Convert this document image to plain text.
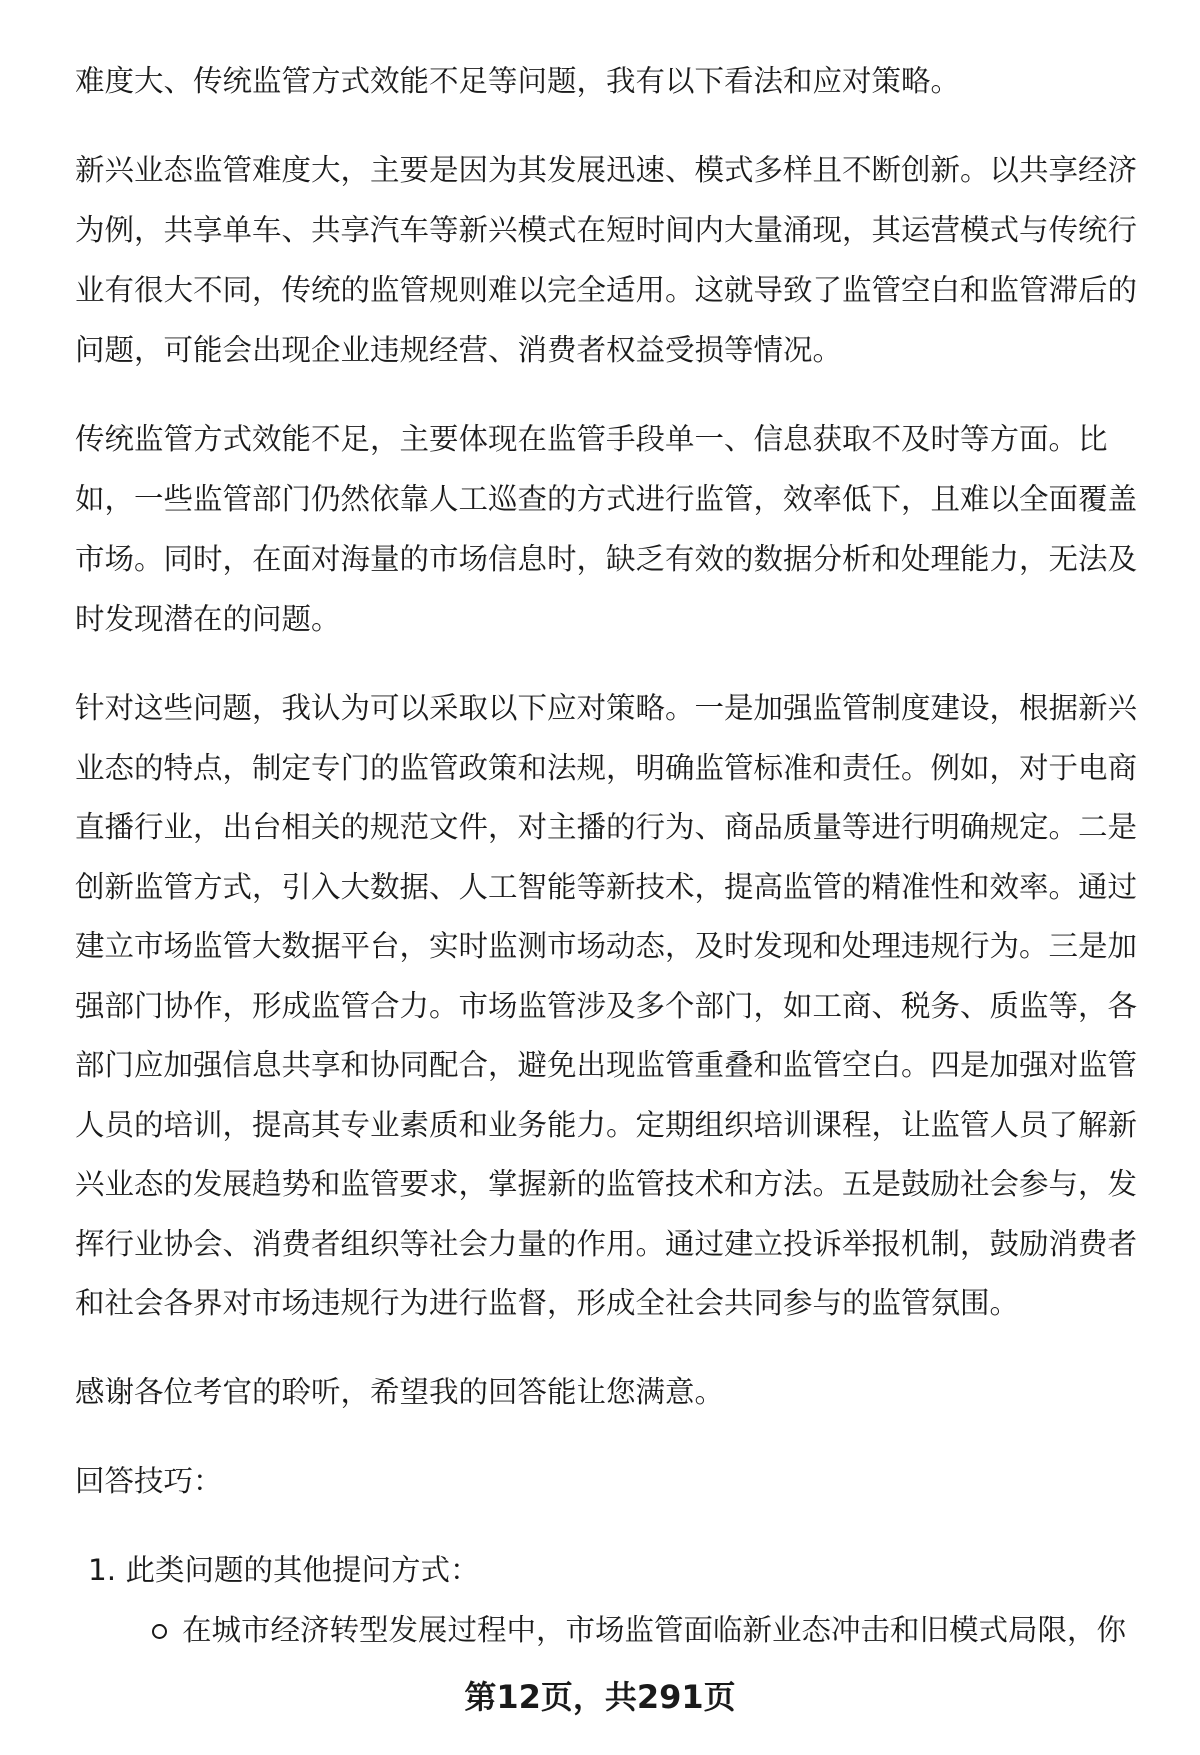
难度大、传统监管方式效能不足等问题，我有以下看法和应对策略。
新兴业态监管难度大，主要是因为其发展迅速、模式多样且不断创新。以共享经济
为例，共享单车、共享汽车等新兴模式在短时间内大量涌现，其运营模式与传统行
业有很大不同，传统的监管规则难以完全适用。这就导致了监管空白和监管滞后的
问题，可能会出现企业违规经营、消费者权益受损等情况。
传统监管方式效能不足，主要体现在监管手段单一、信息获取不及时等方面。比
如，一些监管部门仍然依靠人工巡查的方式进行监管，效率低下，且难以全面覆盖
市场。同时，在面对海量的市场信息时，缺乏有效的数据分析和处理能力，无法及
时发现潜在的问题。
针对这些问题，我认为可以采取以下应对策略。一是加强监管制度建设，根据新兴
业态的特点，制定专门的监管政策和法规，明确监管标准和责任。例如，对于电商
直播行业，出台相关的规范文件，对主播的行为、商品质量等进行明确规定。二是
创新监管方式，引入大数据、人工智能等新技术，提高监管的精准性和效率。通过
建立市场监管大数据平台，实时监测市场动态，及时发现和处理违规行为。三是加
强部门协作，形成监管合力。市场监管涉及多个部门，如工商、税务、质监等，各
部门应加强信息共享和协同配合，避免出现监管重叠和监管空白。四是加强对监管
人员的培训，提高其专业素质和业务能力。定期组织培训课程，让监管人员了解新
兴业态的发展趋势和监管要求，掌握新的监管技术和方法。五是鼓励社会参与，发
挥行业协会、消费者组织等社会力量的作用。通过建立投诉举报机制，鼓励消费者
和社会各界对市场违规行为进行监督，形成全社会共同参与的监管氛围。
感谢各位考官的聆听，希望我的回答能让您满意。
回答技巧：
1. 此类问题的其他提问方式：
在城市经济转型发展过程中，市场监管面临新业态冲击和旧模式局限，你
第12页，共291页
